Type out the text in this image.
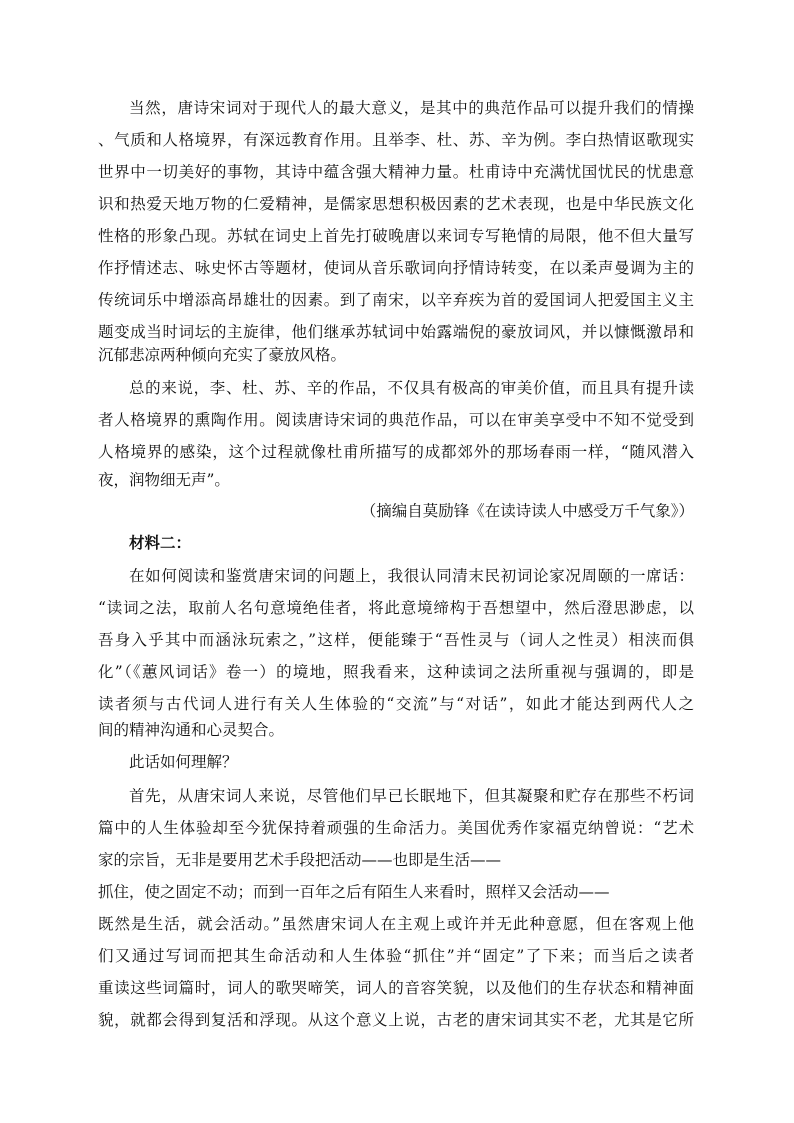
当然，唐诗宋词对于现代人的最大意义，是其中的典范作品可以提升我们的情操
、气质和人格境界，有深远教育作用。且举李、杜、苏、辛为例。李白热情讴歌现实
世界中一切美好的事物，其诗中蕴含强大精神力量。杜甫诗中充满忧国忧民的忧患意
识和热爱天地万物的仁爱精神，是儒家思想积极因素的艺术表现，也是中华民族文化
性格的形象凸现。苏轼在词史上首先打破晚唐以来词专写艳情的局限，他不但大量写
作抒情述志、咏史怀古等题材，使词从音乐歌词向抒情诗转变，在以柔声曼调为主的
传统词乐中增添高昂雄壮的因素。到了南宋，以辛弃疾为首的爱国词人把爱国主义主
题变成当时词坛的主旋律，他们继承苏轼词中始露端倪的豪放词风，并以慷慨激昂和
沉郁悲凉两种倾向充实了豪放风格。
总的来说，李、杜、苏、辛的作品，不仅具有极高的审美价值，而且具有提升读
者人格境界的熏陶作用。阅读唐诗宋词的典范作品，可以在审美享受中不知不觉受到
人格境界的感染，这个过程就像杜甫所描写的成都郊外的那场春雨一样，“随风潜入
夜，润物细无声”。
（摘编自莫励锋《在读诗读人中感受万千气象》）
材料二：
在如何阅读和鉴赏唐宋词的问题上，我很认同清末民初词论家况周颐的一席话：
“读词之法，取前人名句意境绝佳者，将此意境缔构于吾想望中，然后澄思渺虑，以
吾身入乎其中而涵泳玩索之，”这样，便能臻于“吾性灵与（词人之性灵）相浃而俱
化”（《蕙风词话》卷一）的境地，照我看来，这种读词之法所重视与强调的，即是
读者须与古代词人进行有关人生体验的“交流”与“对话”，如此才能达到两代人之
间的精神沟通和心灵契合。
此话如何理解？
首先，从唐宋词人来说，尽管他们早已长眠地下，但其凝聚和贮存在那些不朽词
篇中的人生体验却至今犹保持着顽强的生命活力。美国优秀作家福克纳曾说：“艺术
家的宗旨，无非是要用艺术手段把活动——也即是生活——
抓住，使之固定不动；而到一百年之后有陌生人来看时，照样又会活动——
既然是生活，就会活动。”虽然唐宋词人在主观上或许并无此种意愿，但在客观上他
们又通过写词而把其生命活动和人生体验“抓住”并“固定”了下来；而当后之读者
重读这些词篇时，词人的歌哭啼笑，词人的音容笑貌，以及他们的生存状态和精神面
貌，就都会得到复活和浮现。从这个意义上说，古老的唐宋词其实不老，尤其是它所
